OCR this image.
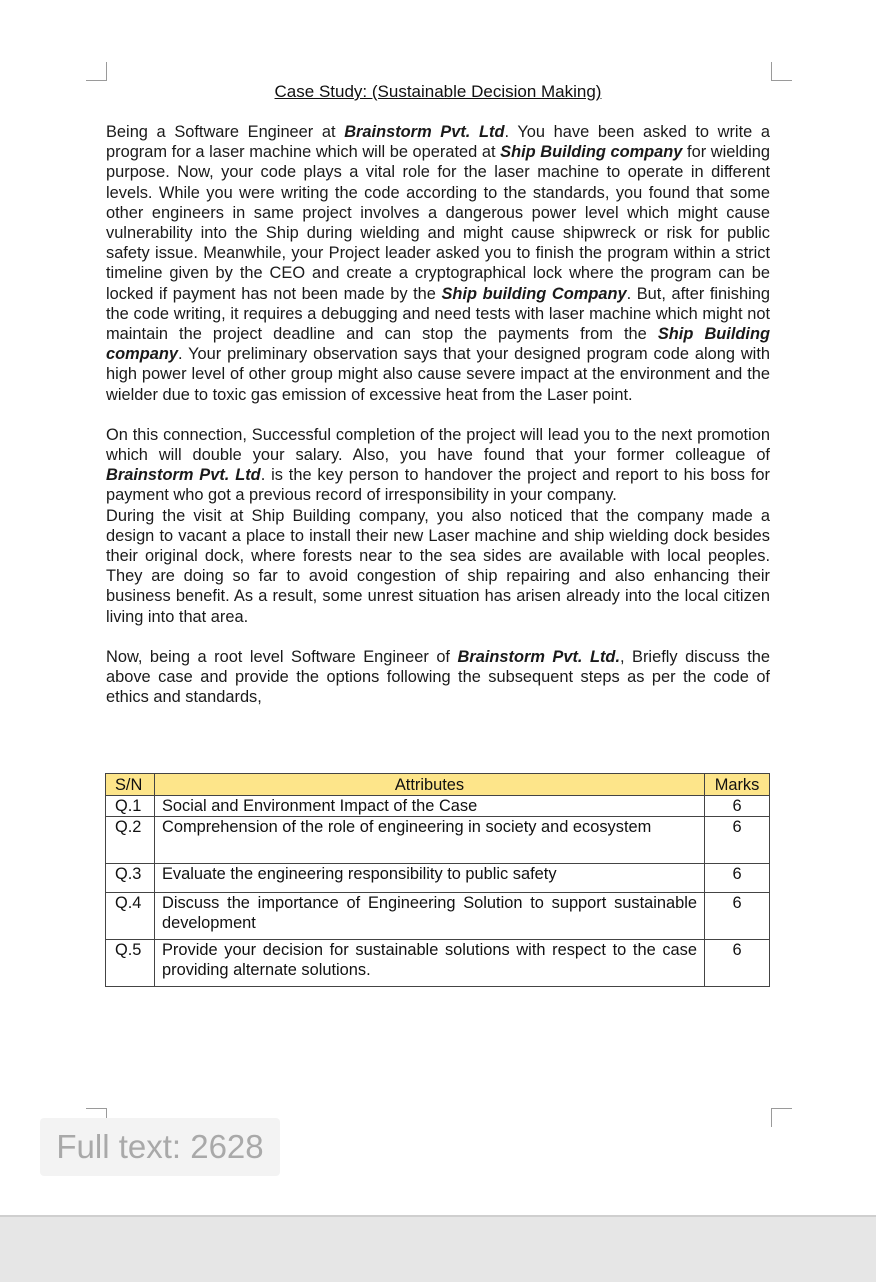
Case Study: (Sustainable Decision Making)

Being a Software Engineer at Brainstorm Pvt. Ltd. You have been asked to write a program for a laser machine which will be operated at Ship Building company for wielding purpose. Now, your code plays a vital role for the laser machine to operate in different levels. While you were writing the code according to the standards, you found that some other engineers in same project involves a dangerous power level which might cause vulnerability into the Ship during wielding and might cause shipwreck or risk for public safety issue. Meanwhile, your Project leader asked you to finish the program within a strict timeline given by the CEO and create a cryptographical lock where the program can be locked if payment has not been made by the Ship building Company. But, after finishing the code writing, it requires a debugging and need tests with laser machine which might not maintain the project deadline and can stop the payments from the Ship Building company. Your preliminary observation says that your designed program code along with high power level of other group might also cause severe impact at the environment and the wielder due to toxic gas emission of excessive heat from the Laser point.

On this connection, Successful completion of the project will lead you to the next promotion which will double your salary. Also, you have found that your former colleague of Brainstorm Pvt. Ltd. is the key person to handover the project and report to his boss for payment who got a previous record of irresponsibility in your company.

During the visit at Ship Building company, you also noticed that the company made a design to vacant a place to install their new Laser machine and ship wielding dock besides their original dock, where forests near to the sea sides are available with local peoples. They are doing so far to avoid congestion of ship repairing and also enhancing their business benefit. As a result, some unrest situation has arisen already into the local citizen living into that area.

Now, being a root level Software Engineer of Brainstorm Pvt. Ltd., Briefly discuss the above case and provide the options following the subsequent steps as per the code of ethics and standards,

S/N	Attributes	Marks
Q.1	Social and Environment Impact of the Case	6
Q.2	Comprehension of the role of engineering in society and ecosystem	6
Q.3	Evaluate the engineering responsibility to public safety	6
Q.4	Discuss the importance of Engineering Solution to support sustainable development	6
Q.5	Provide your decision for sustainable solutions with respect to the case providing alternate solutions.	6
Full text: 2628
